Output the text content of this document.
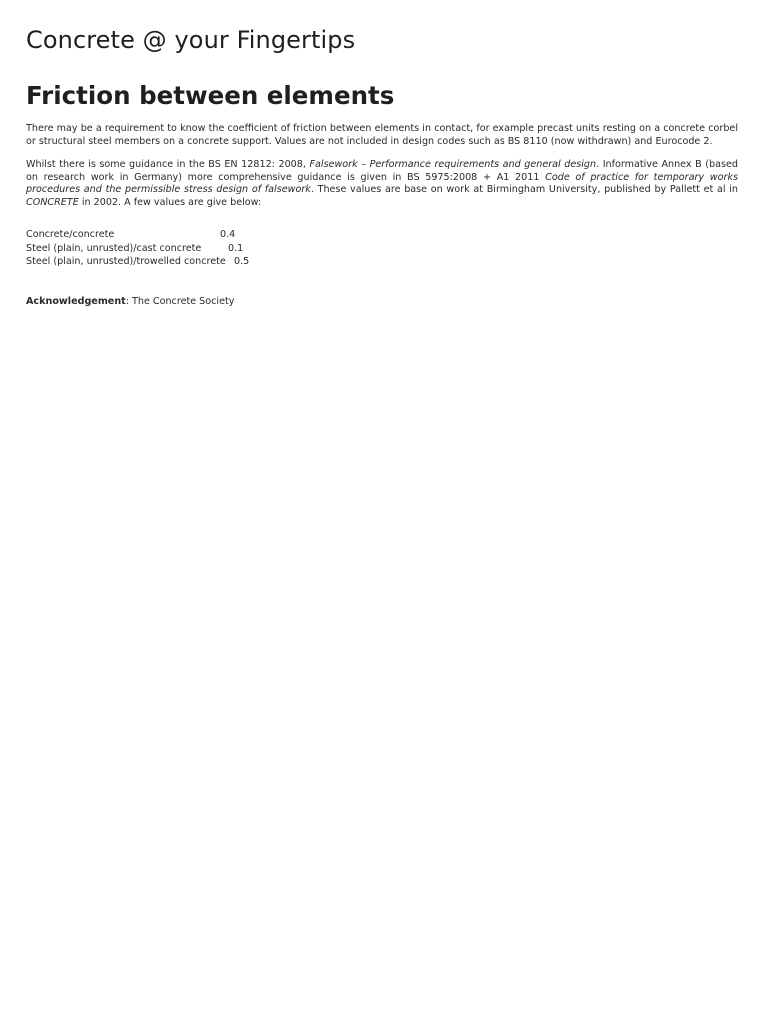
Concrete @ your Fingertips
Friction between elements

There may be a requirement to know the coefficient of friction between elements in contact, for example precast units resting on a concrete corbel or structural steel members on a concrete support. Values are not included in design codes such as BS 8110 (now withdrawn) and Eurocode 2.

Whilst there is some guidance in the BS EN 12812: 2008, Falsework – Performance requirements and general design. Informative Annex B (based on research work in Germany) more comprehensive guidance is given in BS 5975:2008 + A1 2011 Code of practice for temporary works procedures and the permissible stress design of falsework. These values are base on work at Birmingham University, published by Pallett et al in CONCRETE in 2002. A few values are give below:

Concrete/concrete	0.4
Steel (plain, unrusted)/cast concrete	0.1
Steel (plain, unrusted)/trowelled concrete 0.5
Acknowledgement: The Concrete Society
